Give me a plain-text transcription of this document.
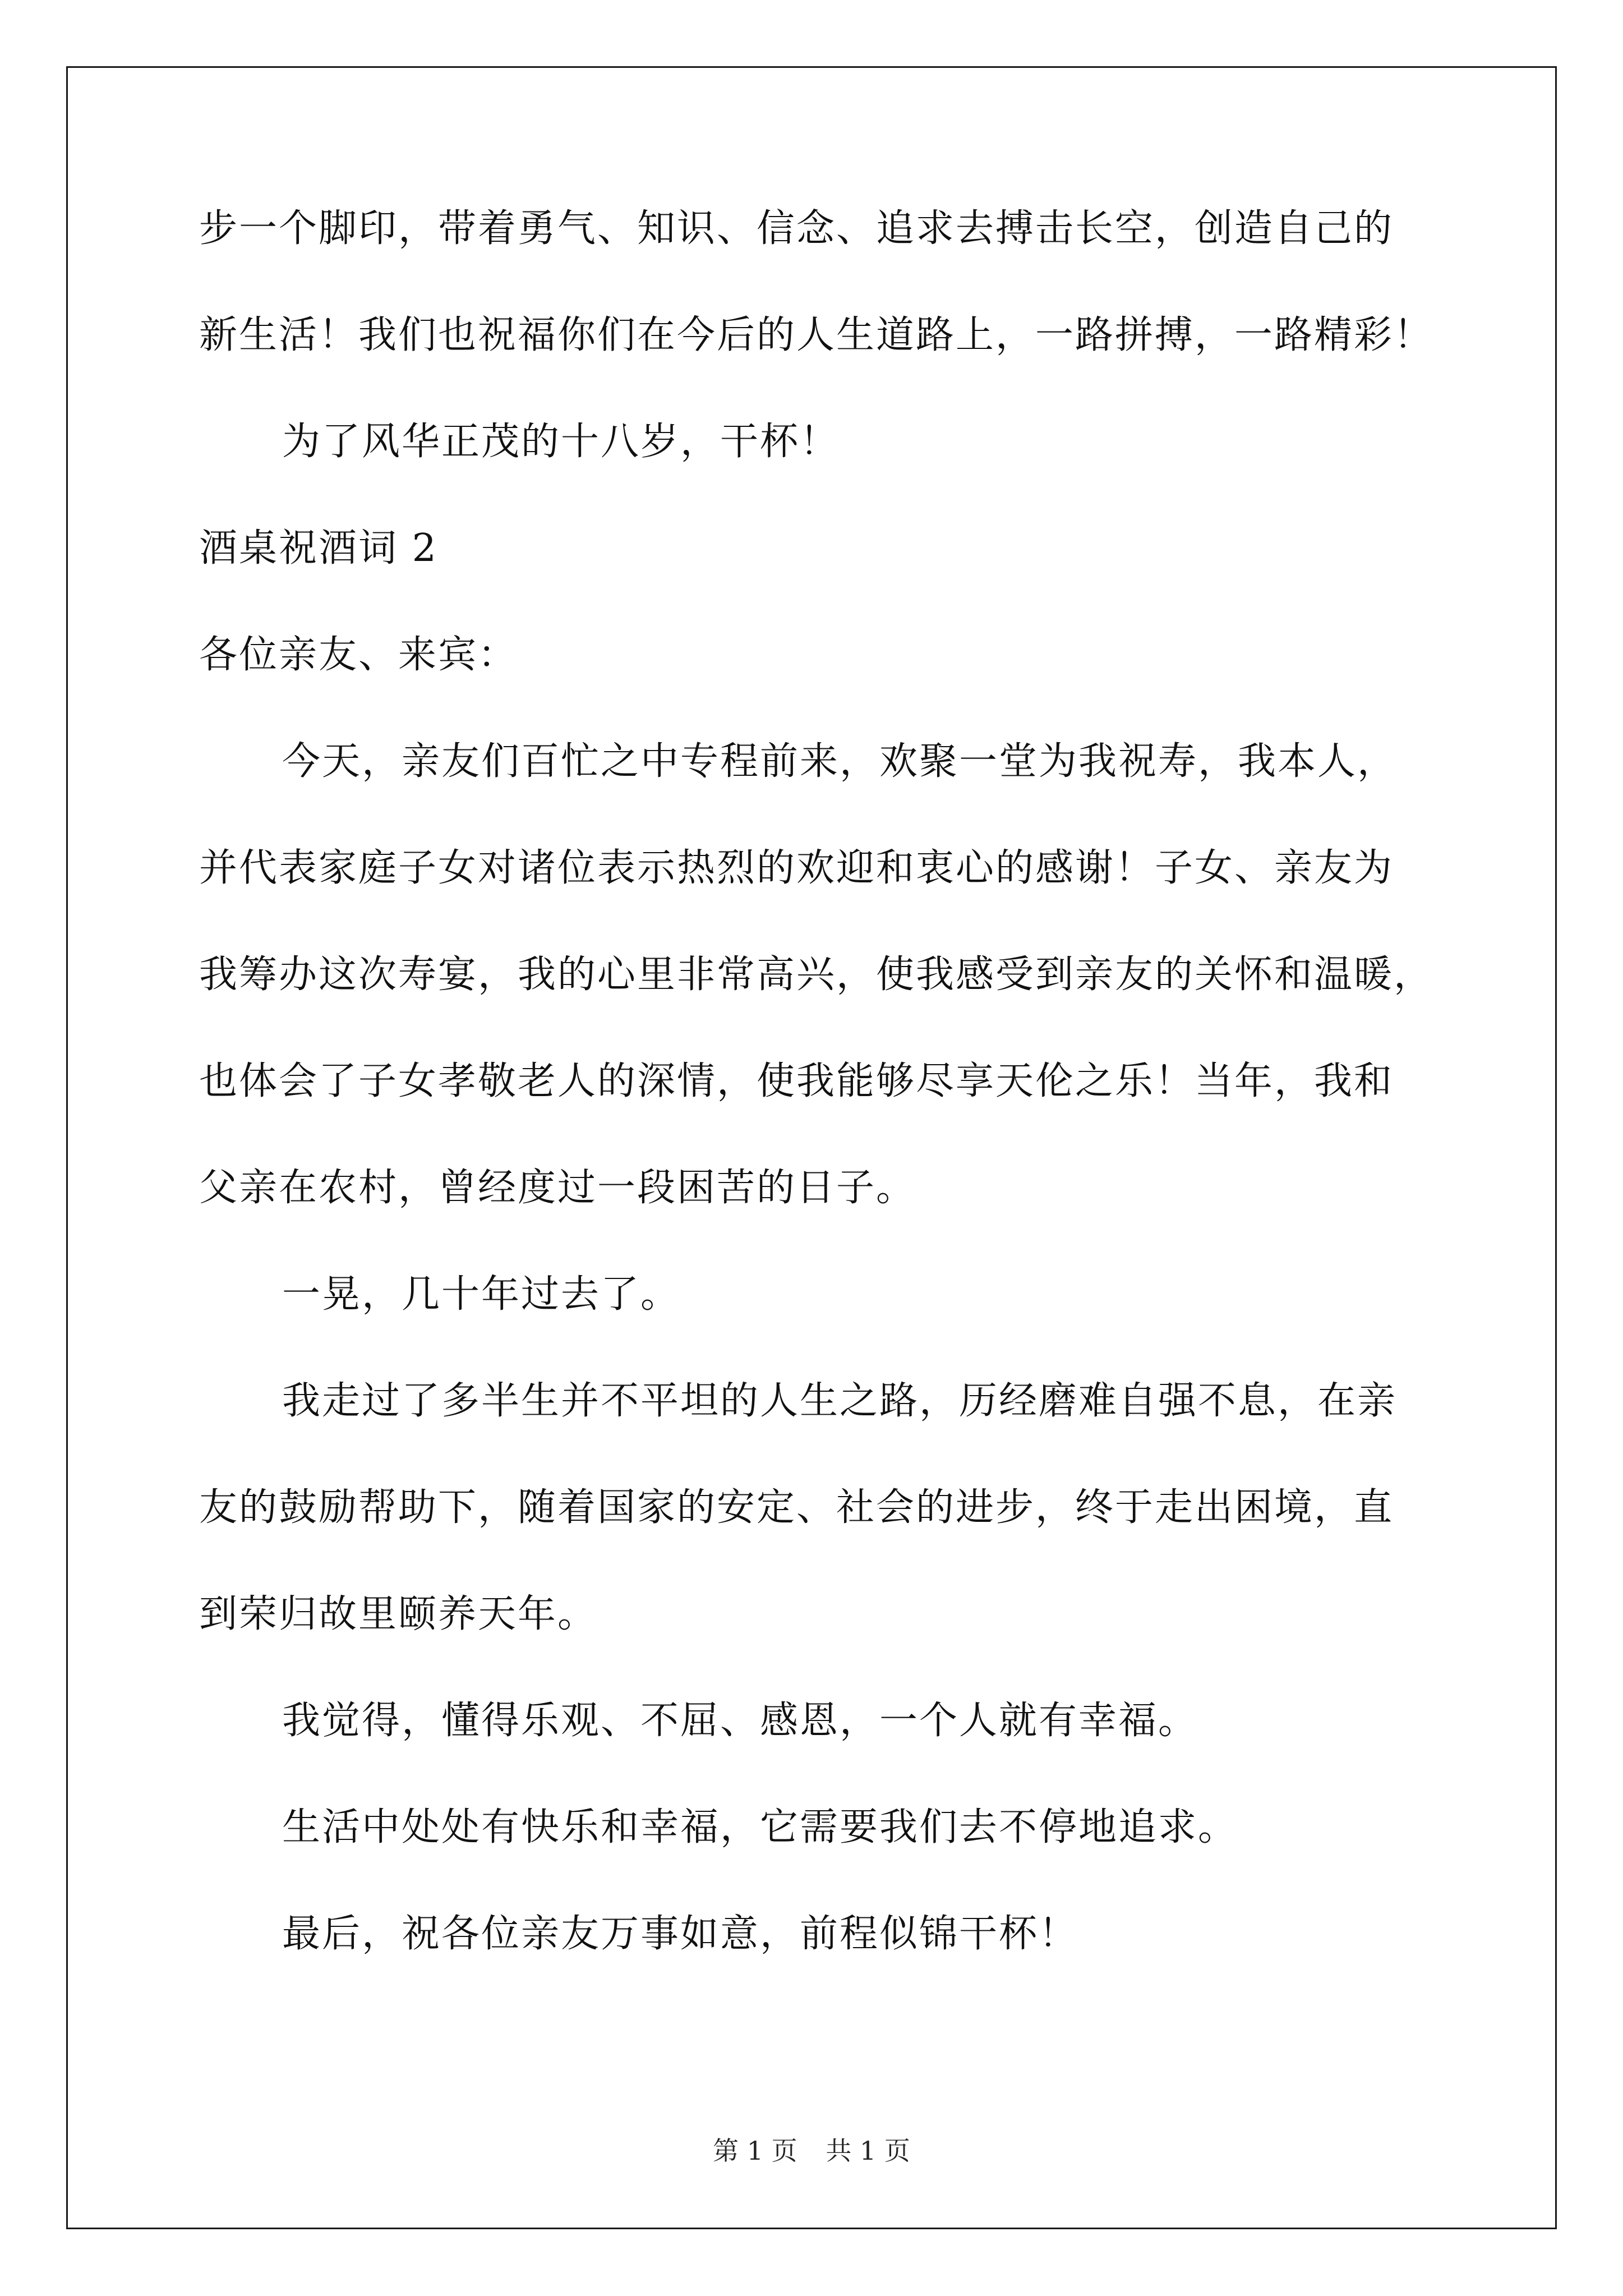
步一个脚印，带着勇气、知识、信念、追求去搏击长空，创造自己的

新生活！我们也祝福你们在今后的人生道路上，一路拼搏，一路精彩！

为了风华正茂的十八岁，干杯！

酒桌祝酒词 2

各位亲友、来宾：

今天，亲友们百忙之中专程前来，欢聚一堂为我祝寿，我本人，

并代表家庭子女对诸位表示热烈的欢迎和衷心的感谢！子女、亲友为

我筹办这次寿宴，我的心里非常高兴，使我感受到亲友的关怀和温暖，

也体会了子女孝敬老人的深情，使我能够尽享天伦之乐！当年，我和

父亲在农村，曾经度过一段困苦的日子。

一晃，几十年过去了。

我走过了多半生并不平坦的人生之路，历经磨难自强不息，在亲

友的鼓励帮助下，随着国家的安定、社会的进步，终于走出困境，直

到荣归故里颐养天年。

我觉得，懂得乐观、不屈、感恩，一个人就有幸福。

生活中处处有快乐和幸福，它需要我们去不停地追求。

最后，祝各位亲友万事如意，前程似锦干杯！

第 1 页 共 1 页
